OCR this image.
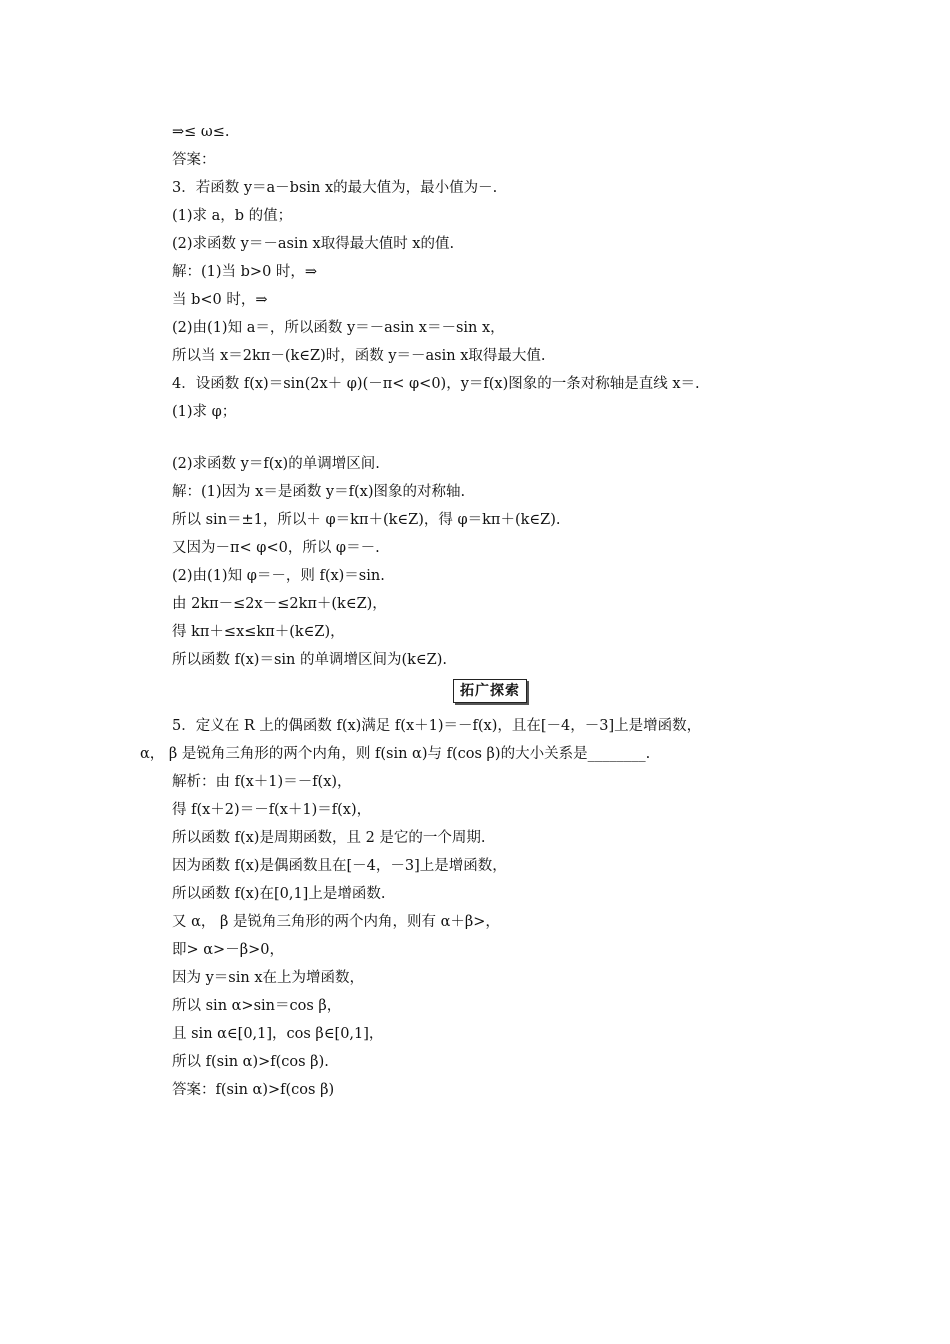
⇒≤ ω≤.
答案：
3．若函数 y＝a－bsin x的最大值为，最小值为－.
(1)求 a，b 的值；
(2)求函数 y＝－asin x取得最大值时 x的值.
解：(1)当 b>0 时，⇒
当 b<0 时，⇒
(2)由(1)知 a＝，所以函数 y＝－asin x＝－sin x，
所以当 x＝2kπ－(k∈Z)时，函数 y＝－asin x取得最大值.
4．设函数 f(x)＝sin(2x＋ φ)(－π< φ<0)，y＝f(x)图象的一条对称轴是直线 x＝.
(1)求 φ；
(2)求函数 y＝f(x)的单调增区间.
解：(1)因为 x＝是函数 y＝f(x)图象的对称轴.
所以 sin＝±1，所以＋ φ＝kπ＋(k∈Z)，得 φ＝kπ＋(k∈Z).
又因为－π< φ<0，所以 φ＝－.
(2)由(1)知 φ＝－，则 f(x)＝sin.
由 2kπ－≤2x－≤2kπ＋(k∈Z)，
得 kπ＋≤x≤kπ＋(k∈Z)，
所以函数 f(x)＝sin 的单调增区间为(k∈Z).
拓广探索
5．定义在 R 上的偶函数 f(x)满足 f(x＋1)＝－f(x)，且在[－4，－3]上是增函数，
α， β 是锐角三角形的两个内角，则 f(sin α)与 f(cos β)的大小关系是________.
解析：由 f(x＋1)＝－f(x)，
得 f(x＋2)＝－f(x＋1)＝f(x)，
所以函数 f(x)是周期函数，且 2 是它的一个周期.
因为函数 f(x)是偶函数且在[－4，－3]上是增函数，
所以函数 f(x)在[0,1]上是增函数.
又 α， β 是锐角三角形的两个内角，则有 α＋β>，
即> α>－β>0，
因为 y＝sin x在上为增函数，
所以 sin α>sin＝cos β，
且 sin α∈[0,1]，cos β∈[0,1]，
所以 f(sin α)>f(cos β).
答案：f(sin α)>f(cos β)
